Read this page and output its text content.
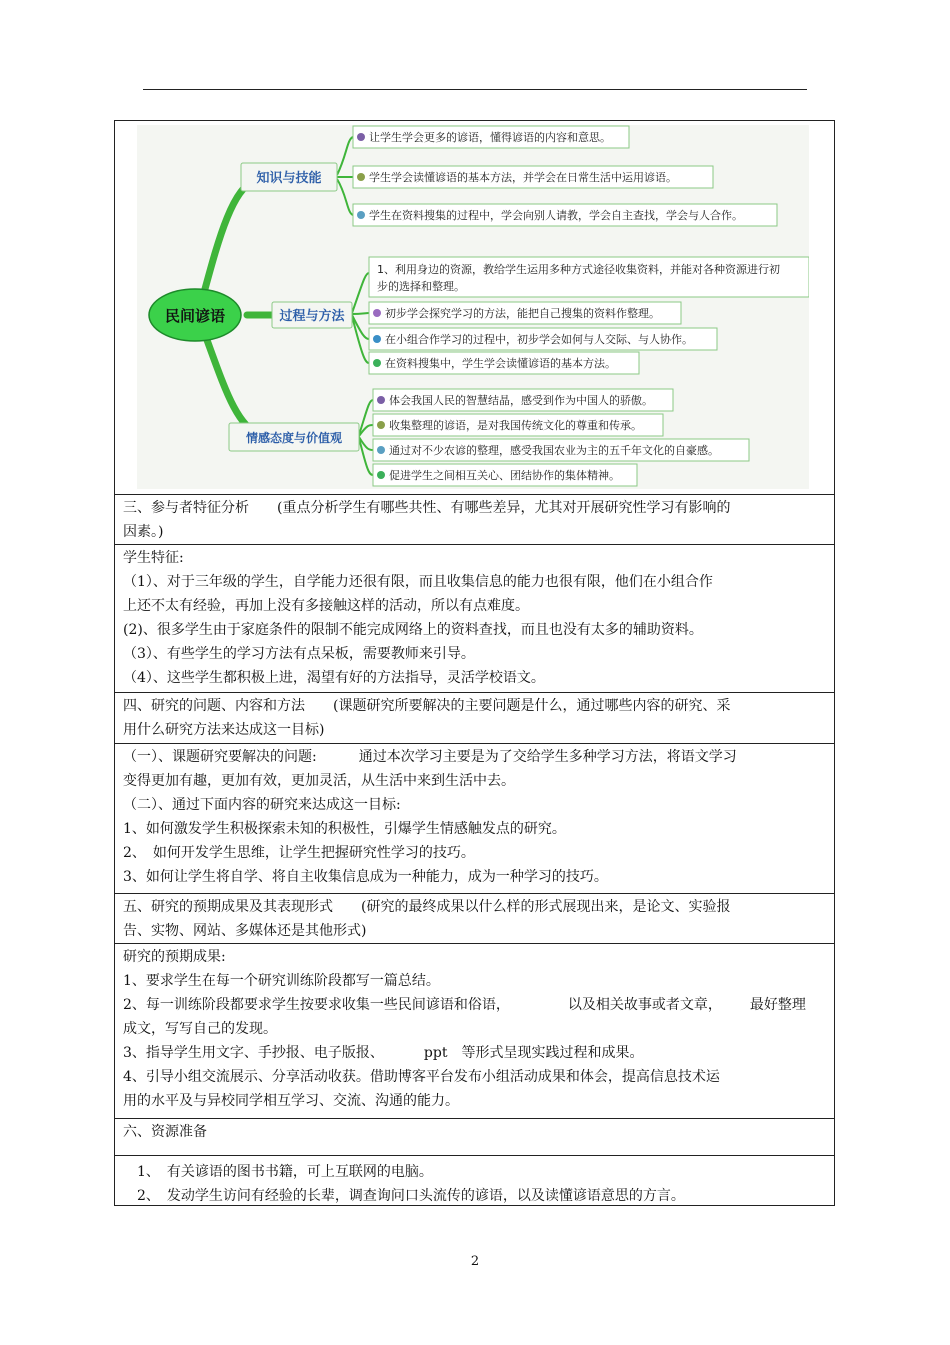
民间谚语
知识与技能
过程与方法
情感态度与价值观
让学生学会更多的谚语，懂得谚语的内容和意思。
学生学会读懂谚语的基本方法，并学会在日常生活中运用谚语。
学生在资料搜集的过程中，学会向别人请教，学会自主查找，学会与人合作。
1、利用身边的资源，教给学生运用多种方式途径收集资料，并能对各种资源进行初
步的选择和整理。
初步学会探究学习的方法，能把自己搜集的资料作整理。
在小组合作学习的过程中，初步学会如何与人交际、与人协作。
在资料搜集中，学生学会读懂谚语的基本方法。
体会我国人民的智慧结晶，感受到作为中国人的骄傲。
收集整理的谚语，是对我国传统文化的尊重和传承。
通过对不少农谚的整理，感受我国农业为主的五千年文化的自豪感。
促进学生之间相互关心、团结协作的集体精神。
三、参与者特征分析　　(重点分析学生有哪些共性、有哪些差异，尤其对开展研究性学习有影响的
因素。)
学生特征:
（1）、对于三年级的学生，自学能力还很有限，而且收集信息的能力也很有限，他们在小组合作
上还不太有经验，再加上没有多接触这样的活动，所以有点难度。
(2)、很多学生由于家庭条件的限制不能完成网络上的资料查找，而且也没有太多的辅助资料。
（3）、有些学生的学习方法有点呆板，需要教师来引导。
（4）、这些学生都积极上进，渴望有好的方法指导，灵活学校语文。
四、研究的问题、内容和方法　　(课题研究所要解决的主要问题是什么，通过哪些内容的研究、采
用什么研究方法来达成这一目标)
（一）、课题研究要解决的问题:　　　通过本次学习主要是为了交给学生多种学习方法，将语文学习
变得更加有趣，更加有效，更加灵活，从生活中来到生活中去。
（二）、通过下面内容的研究来达成这一目标:
1、如何激发学生积极探索未知的积极性，引爆学生情感触发点的研究。
2、　如何开发学生思维，让学生把握研究性学习的技巧。
3、如何让学生将自学、将自主收集信息成为一种能力，成为一种学习的技巧。
五、研究的预期成果及其表现形式　　(研究的最终成果以什么样的形式展现出来，是论文、实验报
告、实物、网站、多媒体还是其他形式)
研究的预期成果:
1、要求学生在每一个研究训练阶段都写一篇总结。
2、每一训练阶段都要求学生按要求收集一些民间谚语和俗语，	以及相关故事或者文章， 最好整理
成文，写写自己的发现。
3、指导学生用文字、手抄报、电子版报、	ppt　等形式呈现实践过程和成果。
4、引导小组交流展示、分享活动收获。借助博客平台发布小组活动成果和体会，提高信息技术运
用的水平及与异校同学相互学习、交流、沟通的能力。
六、资源准备
1、　有关谚语的图书书籍，可上互联网的电脑。
2、　发动学生访问有经验的长辈，调查询问口头流传的谚语，以及读懂谚语意思的方言。
2
